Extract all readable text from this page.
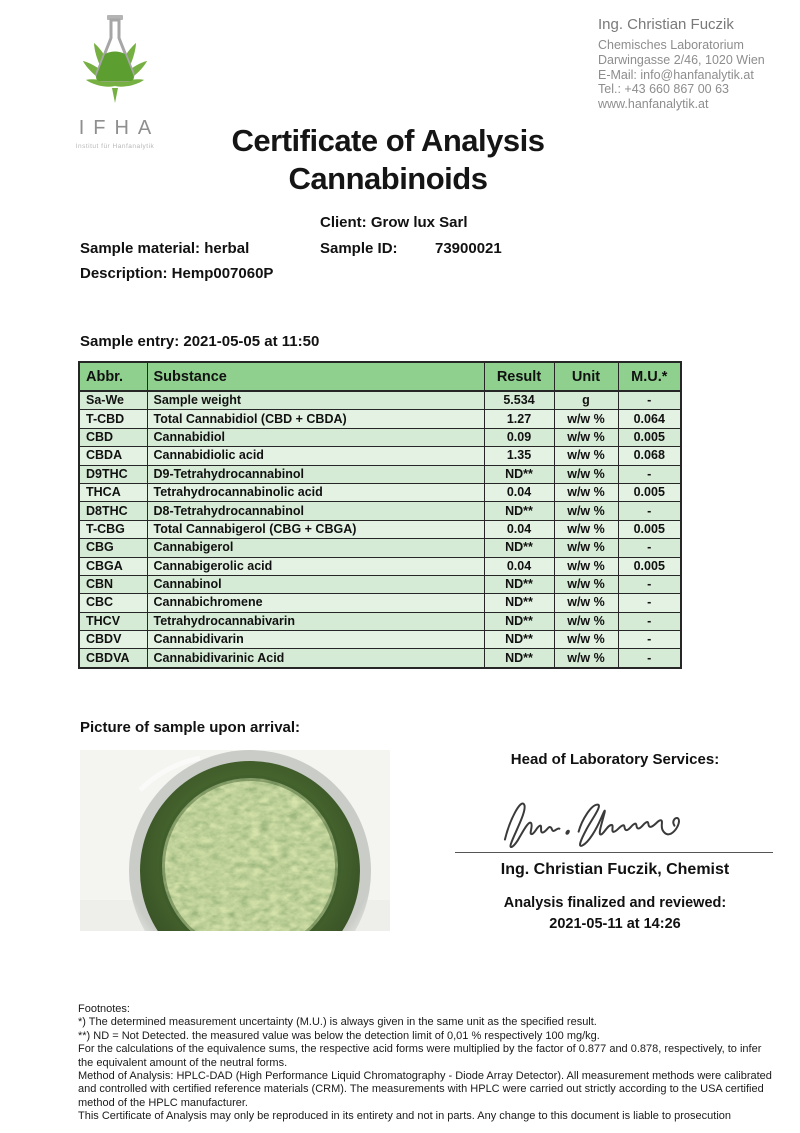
IFHA
Institut für Hanfanalytik

Ing. Christian Fuczik

Chemisches Laboratorium

Darwingasse 2/46, 1020 Wien

E-Mail: info@hanfanalytik.at

Tel.: +43 660 867 00 63

www.hanfanalytik.at

Certificate of Analysis
Cannabinoids
Client: Grow lux Sarl
Sample material: herbal	Sample ID: 73900021
Description: Hemp007060P
Sample entry: 2021-05-05 at 11:50
Abbr.	Substance	Result	Unit	M.U.*
Sa-We	Sample weight	5.534	g	-
T-CBD	Total Cannabidiol (CBD + CBDA)	1.27	w/w %	0.064
CBD	Cannabidiol	0.09	w/w %	0.005
CBDA	Cannabidiolic acid	1.35	w/w %	0.068
D9THC	D9-Tetrahydrocannabinol	ND**	w/w %	-
THCA	Tetrahydrocannabinolic acid	0.04	w/w %	0.005
D8THC	D8-Tetrahydrocannabinol	ND**	w/w %	-
T-CBG	Total Cannabigerol (CBG + CBGA)	0.04	w/w %	0.005
CBG	Cannabigerol	ND**	w/w %	-
CBGA	Cannabigerolic acid	0.04	w/w %	0.005
CBN	Cannabinol	ND**	w/w %	-
CBC	Cannabichromene	ND**	w/w %	-
THCV	Tetrahydrocannabivarin	ND**	w/w %	-
CBDV	Cannabidivarin	ND**	w/w %	-
CBDVA	Cannabidivarinic Acid	ND**	w/w %	-
Picture of sample upon arrival:
Head of Laboratory Services:
Ing. Christian Fuczik, Chemist
Analysis finalized and reviewed:
2021-05-11 at 14:26

Footnotes:

*) The determined measurement uncertainty (M.U.) is always given in the same unit as the specified result.

**) ND = Not Detected. the measured value was below the detection limit of 0,01 % respectively 100 mg/kg.

For the calculations of the equivalence sums, the respective acid forms were multiplied by the factor of 0.877 and 0.878, respectively, to infer the equivalent amount of the neutral forms.

Method of Analysis: HPLC-DAD (High Performance Liquid Chromatography - Diode Array Detector). All measurement methods were calibrated and controlled with certified reference materials (CRM). The measurements with HPLC were carried out strictly according to the USA certified method of the HPLC manufacturer.

This Certificate of Analysis may only be reproduced in its entirety and not in parts. Any change to this document is liable to prosecution
